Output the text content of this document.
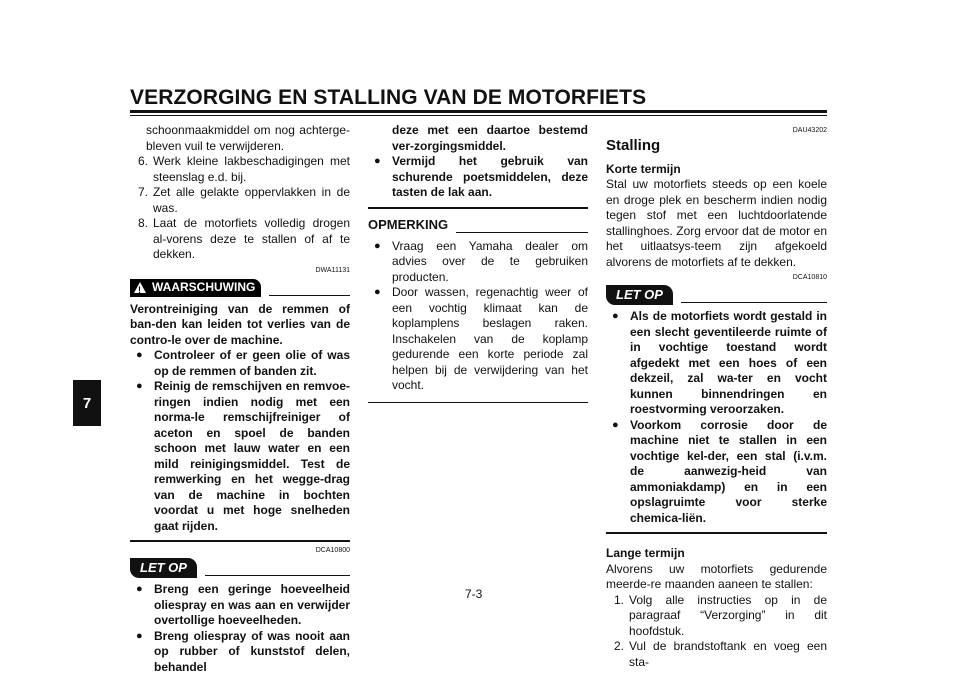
VERZORGING EN STALLING VAN DE MOTORFIETS
7

schoonmaakmiddel om nog achterge-bleven vuil te verwijderen.

6. Werk kleine lakbeschadigingen met steenslag e.d. bij.
7. Zet alle gelakte oppervlakken in de was.
8. Laat de motorfiets volledig drogen al-vorens deze te stallen of af te dekken.
DWA11131
! WAARSCHUWING

Verontreiniging van de remmen of ban-den kan leiden tot verlies van de contro-le over de machine.

● Controleer of er geen olie of was op de remmen of banden zit.
● Reinig de remschijven en remvoe-ringen indien nodig met een norma-le remschijfreiniger of aceton en spoel de banden schoon met lauw water en een mild reinigingsmiddel. Test de remwerking en het wegge-drag van de machine in bochten voordat u met hoge snelheden gaat rijden.
DCA10800
LET OP
● Breng een geringe hoeveelheid oliespray en was aan en verwijder overtollige hoeveelheden.
● Breng oliespray of was nooit aan op rubber of kunststof delen, behandel

deze met een daartoe bestemd ver-zorgingsmiddel.

● Vermijd het gebruik van schurende poetsmiddelen, deze tasten de lak aan.
OPMERKING
● Vraag een Yamaha dealer om advies over de te gebruiken producten.
● Door wassen, regenachtig weer of een vochtig klimaat kan de koplamplens beslagen raken. Inschakelen van de koplamp gedurende een korte periode zal helpen bij de verwijdering van het vocht.
DAU43202
Stalling

Korte termijn

Stal uw motorfiets steeds op een koele en droge plek en bescherm indien nodig tegen stof met een luchtdoorlatende stallinghoes. Zorg ervoor dat de motor en het uitlaatsys-teem zijn afgekoeld alvorens de motorfiets af te dekken.

DCA10810
LET OP
● Als de motorfiets wordt gestald in een slecht geventileerde ruimte of in vochtige toestand wordt afgedekt met een hoes of een dekzeil, zal wa-ter en vocht kunnen binnendringen en roestvorming veroorzaken.
● Voorkom corrosie door de machine niet te stallen in een vochtige kel-der, een stal (i.v.m. de aanwezig-heid van ammoniakdamp) en in een opslagruimte voor sterke chemica-liën.

Lange termijn

Alvorens uw motorfiets gedurende meerde-re maanden aaneen te stallen:

1. Volg alle instructies op in de paragraaf “Verzorging” in dit hoofdstuk.
2. Vul de brandstoftank en voeg een sta-
7-3
